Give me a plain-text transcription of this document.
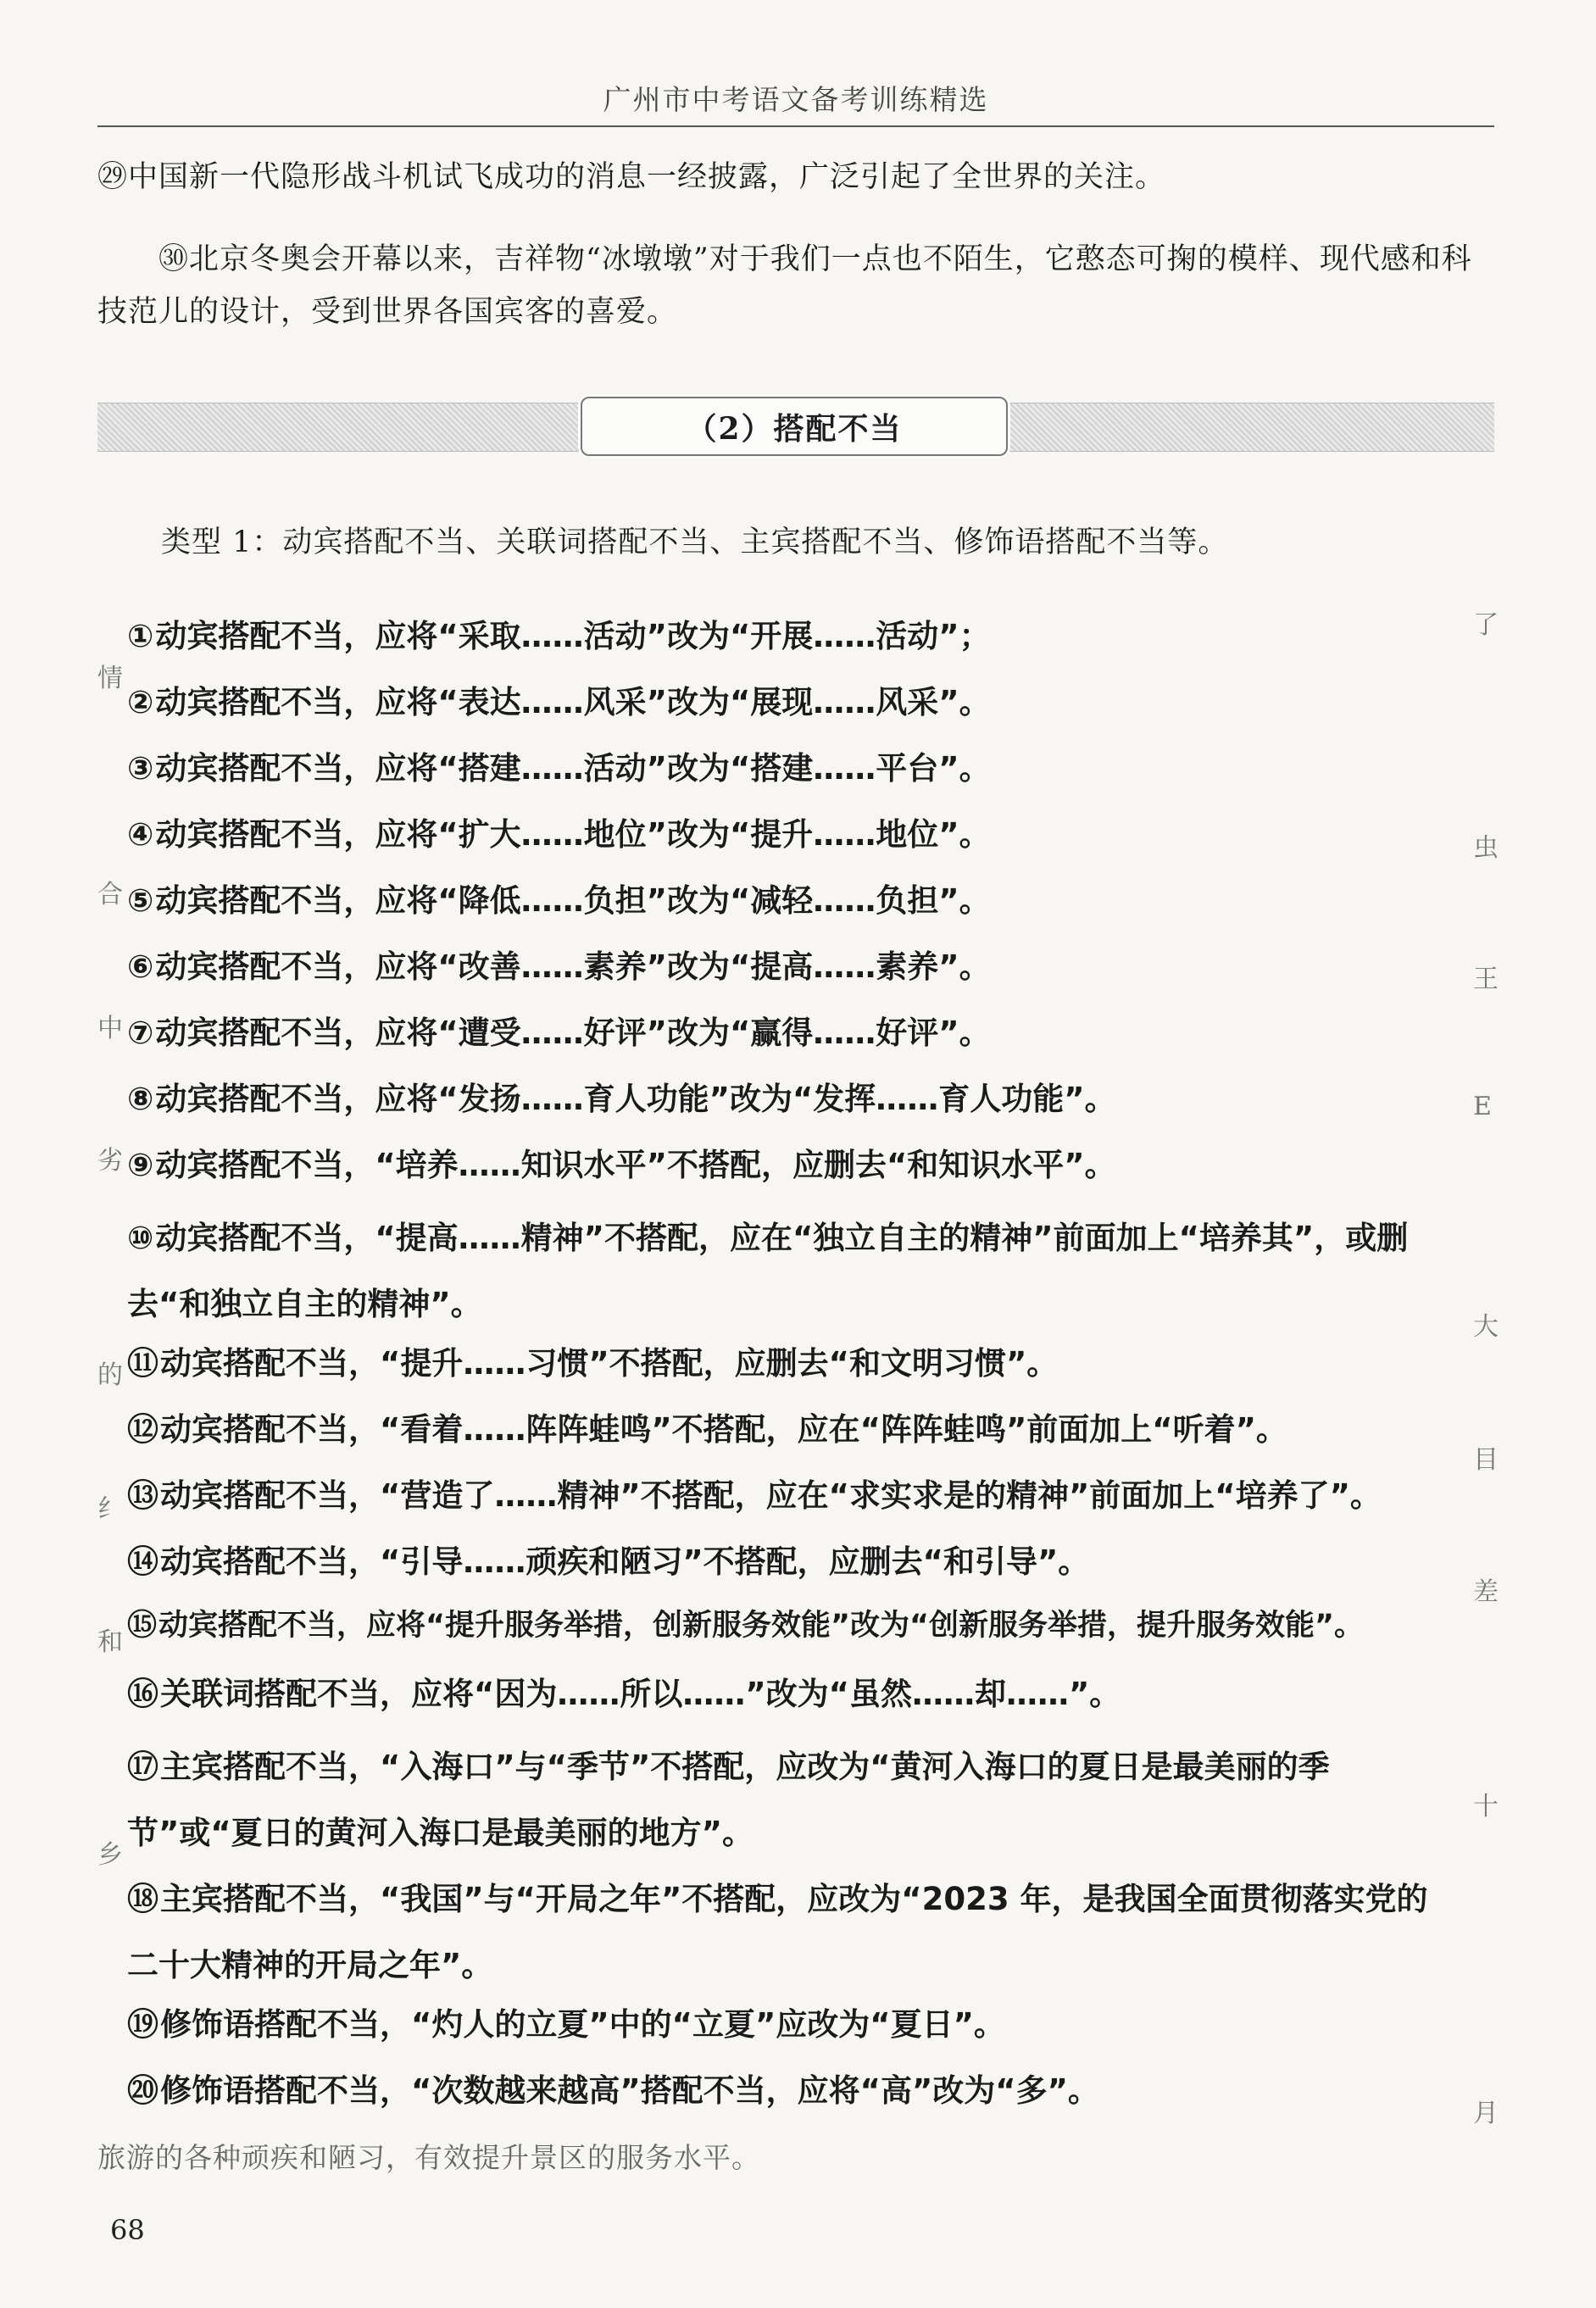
广州市中考语文备考训练精选
㉙中国新一代隐形战斗机试飞成功的消息一经披露，广泛引起了全世界的关注。
㉚北京冬奥会开幕以来，吉祥物“冰墩墩”对于我们一点也不陌生，它憨态可掬的模样、现代感和科技范儿的设计，受到世界各国宾客的喜爱。
（2）搭配不当
类型 1：动宾搭配不当、关联词搭配不当、主宾搭配不当、修饰语搭配不当等。
①动宾搭配不当，应将“采取……活动”改为“开展……活动”；
②动宾搭配不当，应将“表达……风采”改为“展现……风采”。
③动宾搭配不当，应将“搭建……活动”改为“搭建……平台”。
④动宾搭配不当，应将“扩大……地位”改为“提升……地位”。
⑤动宾搭配不当，应将“降低……负担”改为“减轻……负担”。
⑥动宾搭配不当，应将“改善……素养”改为“提高……素养”。
⑦动宾搭配不当，应将“遭受……好评”改为“赢得……好评”。
⑧动宾搭配不当，应将“发扬……育人功能”改为“发挥……育人功能”。
⑨动宾搭配不当，“培养……知识水平”不搭配，应删去“和知识水平”。
⑩动宾搭配不当，“提高……精神”不搭配，应在“独立自主的精神”前面加上“培养其”，或删去“和独立自主的精神”。
⑪动宾搭配不当，“提升……习惯”不搭配，应删去“和文明习惯”。
⑫动宾搭配不当，“看着……阵阵蛙鸣”不搭配，应在“阵阵蛙鸣”前面加上“听着”。
⑬动宾搭配不当，“营造了……精神”不搭配，应在“求实求是的精神”前面加上“培养了”。
⑭动宾搭配不当，“引导……顽疾和陋习”不搭配，应删去“和引导”。
⑮动宾搭配不当，应将“提升服务举措，创新服务效能”改为“创新服务举措，提升服务效能”。
⑯关联词搭配不当，应将“因为……所以……”改为“虽然……却……”。
⑰主宾搭配不当，“入海口”与“季节”不搭配，应改为“黄河入海口的夏日是最美丽的季节”或“夏日的黄河入海口是最美丽的地方”。
⑱主宾搭配不当，“我国”与“开局之年”不搭配，应改为“2023 年，是我国全面贯彻落实党的二十大精神的开局之年”。
⑲修饰语搭配不当，“灼人的立夏”中的“立夏”应改为“夏日”。
⑳修饰语搭配不当，“次数越来越高”搭配不当，应将“高”改为“多”。
旅游的各种顽疾和陋习，有效提升景区的服务水平。
68
情
合
中
劣
的
纟
和
乡
了
虫
王
E
大
目
差
十
月
